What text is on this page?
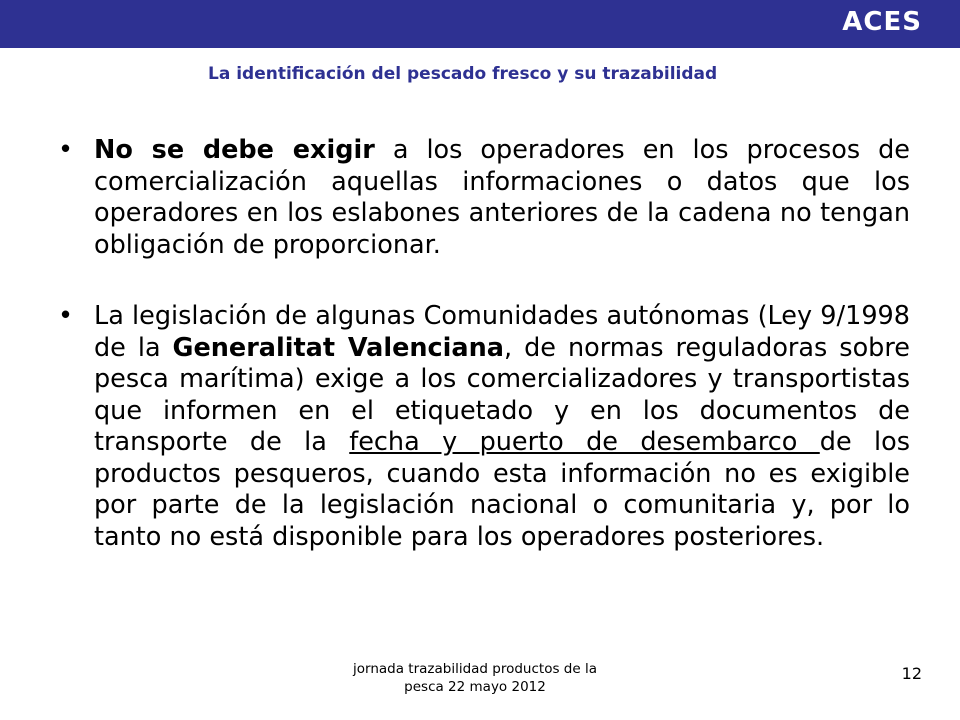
ACES
La identificación del pescado fresco y su trazabilidad
• No se debe exigir a los operadores en los procesos de comercialización aquellas informaciones o datos que los operadores en los eslabones anteriores de la cadena no tengan obligación de proporcionar.
• La legislación de algunas Comunidades autónomas (Ley 9/1998 de la Generalitat Valenciana, de normas reguladoras sobre pesca marítima) exige a los comercializadores y transportistas que informen en el etiquetado y en los documentos de transporte de la fecha y puerto de desembarco de los productos pesqueros, cuando esta información no es exigible por parte de la legislación nacional o comunitaria y, por lo tanto no está disponible para los operadores posteriores.
jornada trazabilidad productos de la
pesca 22 mayo 2012
12
